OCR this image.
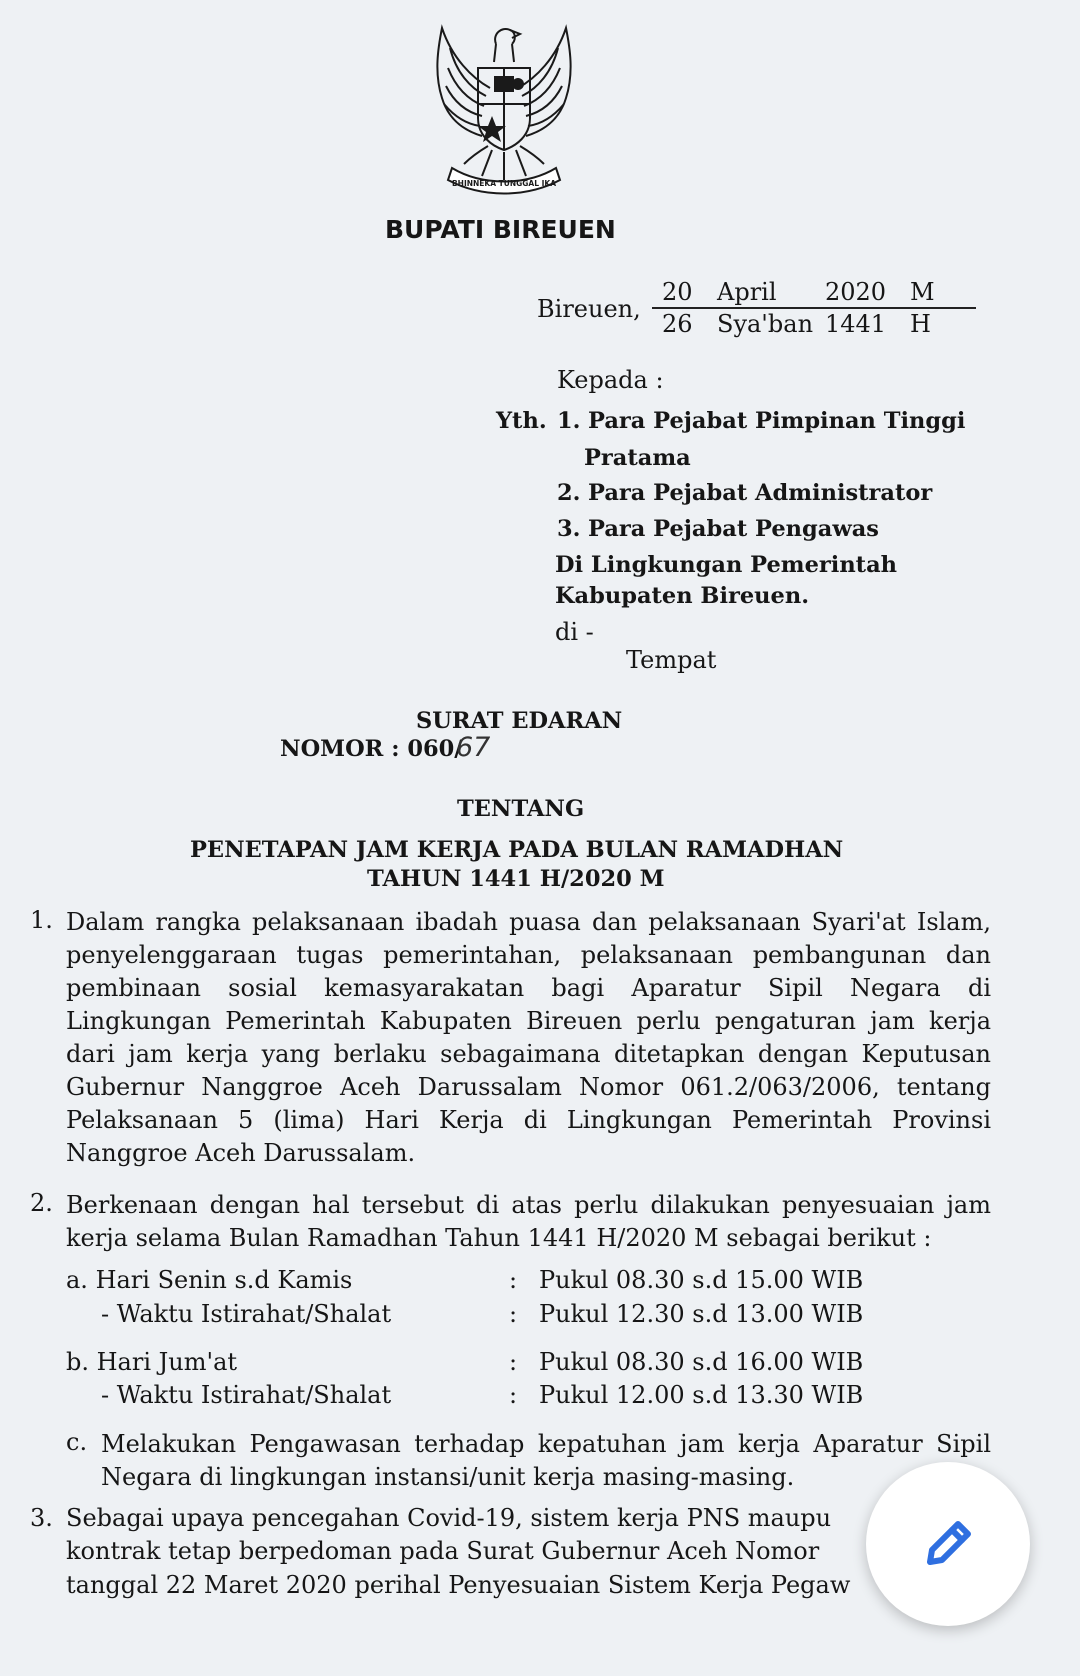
BHINNEKA TUNGGAL IKA
BUPATI BIREUEN
Bireuen,
20 April 2020 M
26 Sya'ban 1441 H
Kepada :
Yth. 1. Para Pejabat Pimpinan Tinggi
Pratama
2. Para Pejabat Administrator
3. Para Pejabat Pengawas
Di Lingkungan Pemerintah
Kabupaten Bireuen.
di -
Tempat
SURAT EDARAN
NOMOR : 060/
67
TENTANG
PENETAPAN JAM KERJA PADA BULAN RAMADHAN
TAHUN 1441 H/2020 M
1. Dalam rangka pelaksanaan ibadah puasa dan pelaksanaan Syari'at Islam,
penyelenggaraan tugas pemerintahan, pelaksanaan pembangunan dan
pembinaan sosial kemasyarakatan bagi Aparatur Sipil Negara di
Lingkungan Pemerintah Kabupaten Bireuen perlu pengaturan jam kerja
dari jam kerja yang berlaku sebagaimana ditetapkan dengan Keputusan
Gubernur Nanggroe Aceh Darussalam Nomor 061.2/063/2006, tentang
Pelaksanaan 5 (lima) Hari Kerja di Lingkungan Pemerintah Provinsi
Nanggroe Aceh Darussalam.
2. Berkenaan dengan hal tersebut di atas perlu dilakukan penyesuaian jam
kerja selama Bulan Ramadhan Tahun 1441 H/2020 M sebagai berikut :
a. Hari Senin s.d Kamis	: Pukul 08.30 s.d 15.00 WIB
- Waktu Istirahat/Shalat	: Pukul 12.30 s.d 13.00 WIB
b. Hari Jum'at	: Pukul 08.30 s.d 16.00 WIB
- Waktu Istirahat/Shalat	: Pukul 12.00 s.d 13.30 WIB
c. Melakukan Pengawasan terhadap kepatuhan jam kerja Aparatur Sipil
Negara di lingkungan instansi/unit kerja masing-masing.
3. Sebagai upaya pencegahan Covid-19, sistem kerja PNS maupu
kontrak tetap berpedoman pada Surat Gubernur Aceh Nomor
tanggal 22 Maret 2020 perihal Penyesuaian Sistem Kerja Pegaw
